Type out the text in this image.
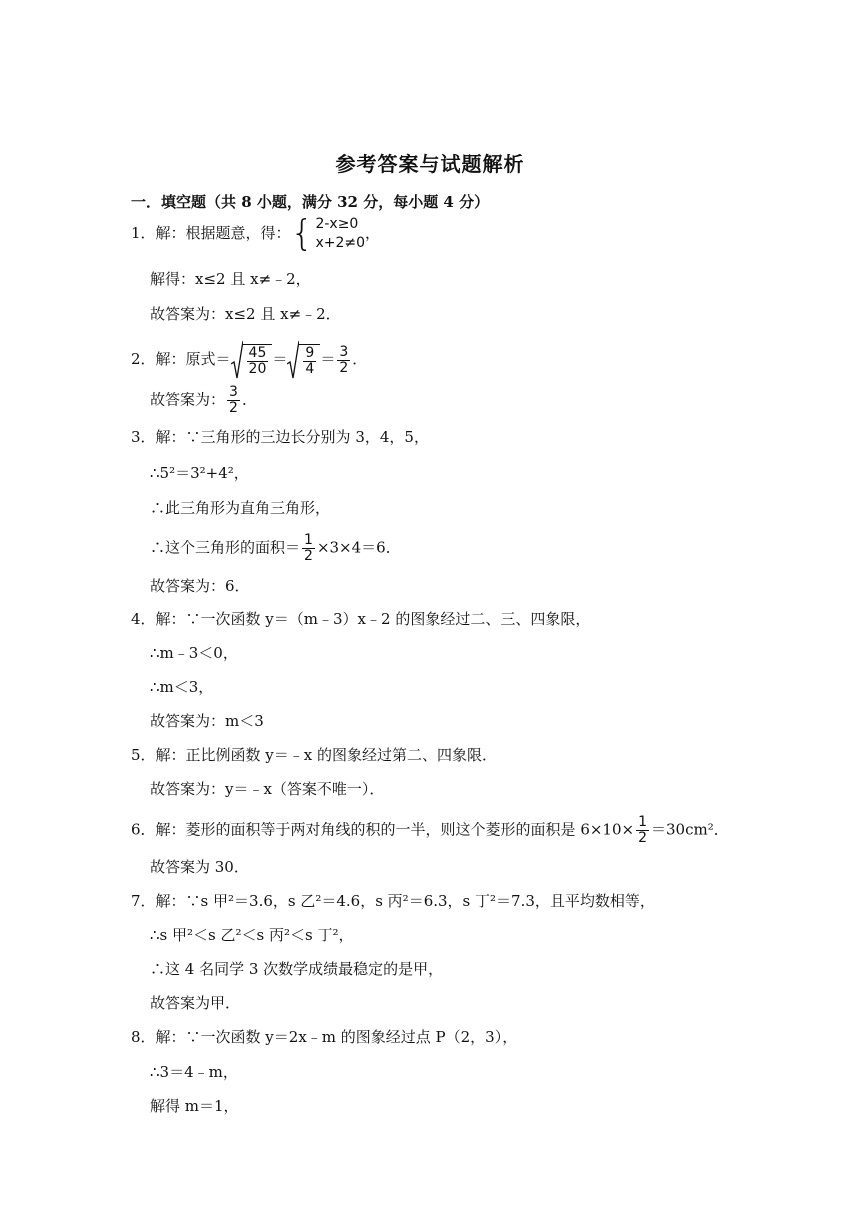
参考答案与试题解析
一．填空题（共 8 小题，满分 32 分，每小题 4 分）
1．解：根据题意，得： { 2-x≥0
x+2≠0
，
解得：x≤2 且 x≠﹣2，
故答案为：x≤2 且 x≠﹣2．
2．解：原式＝ $\frac{45}{20} = \frac{9}{4} = \frac{3}{2}$ ．
故答案为： $\frac{3}{2}$ ．
3．解：∵三角形的三边长分别为 3，4，5，
∴5²＝3²+4²，
∴此三角形为直角三角形，
∴这个三角形的面积＝ $\frac{1}{2} \times 3\times 4=6$．
故答案为：6．
4．解：∵一次函数 y＝（m﹣3）x﹣2 的图象经过二、三、四象限，
∴m﹣3＜0，
∴m＜3，
故答案为：m＜3
5．解：正比例函数 y＝﹣x 的图象经过第二、四象限．
故答案为：y＝﹣x（答案不唯一）．
6．解：菱形的面积等于两对角线的积的一半，则这个菱形的面积是 $6\times 10\times \frac{1}{2} =30cm^2$．
故答案为 30．
7．解：∵s 甲²＝3.6，s 乙²＝4.6，s 丙²＝6.3，s 丁²＝7.3，且平均数相等，
∴s 甲²＜s 乙²＜s 丙²＜s 丁²，
∴这 4 名同学 3 次数学成绩最稳定的是甲，
故答案为甲．
8．解：∵一次函数 y＝2x﹣m 的图象经过点 P（2，3），
∴3＝4﹣m，
解得 m＝1，
